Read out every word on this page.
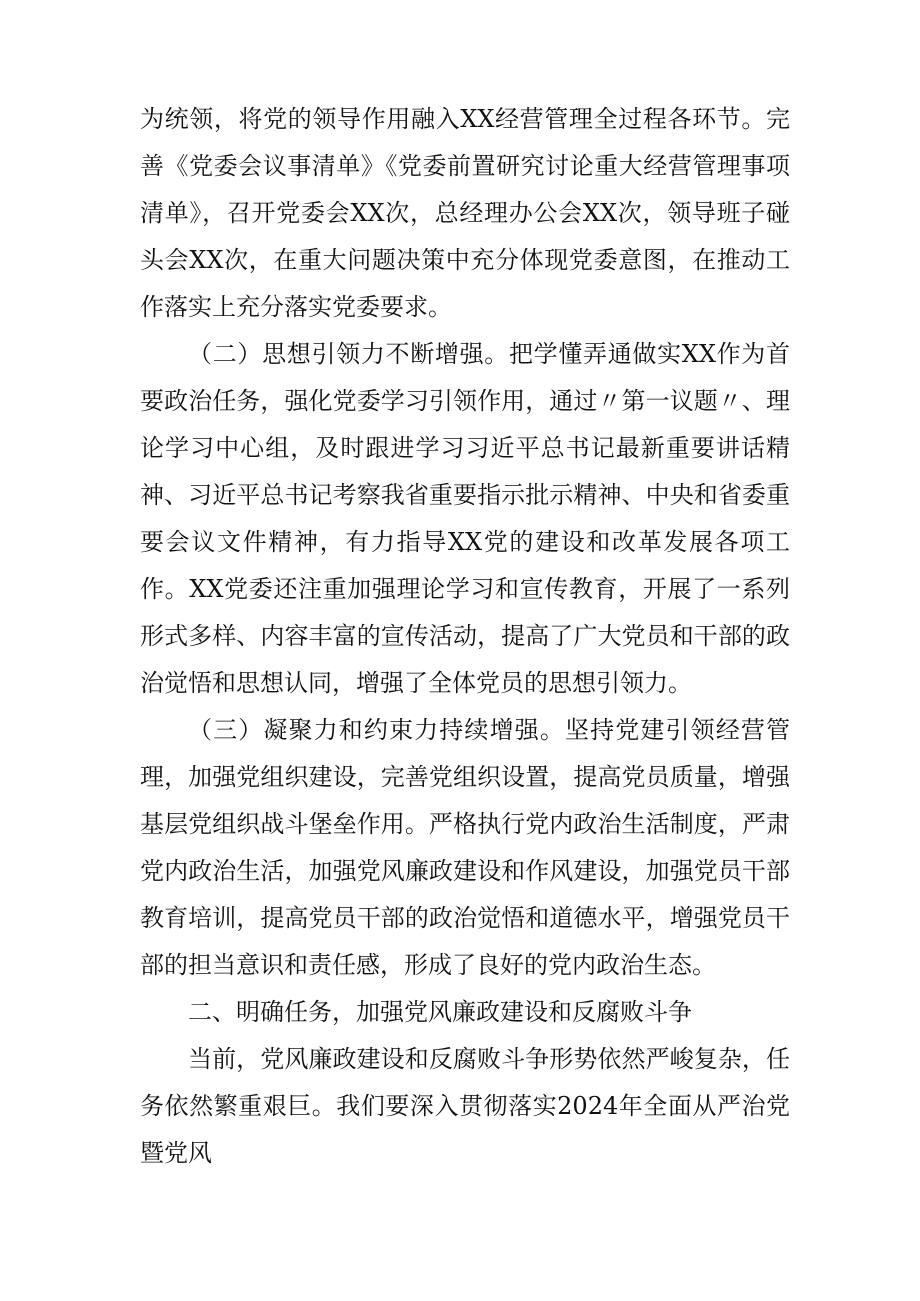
为统领，将党的领导作用融入XX经营管理全过程各环节。完善《党委会议事清单》《党委前置研究讨论重大经营管理事项清单》，召开党委会XX次，总经理办公会XX次，领导班子碰头会XX次，在重大问题决策中充分体现党委意图，在推动工作落实上充分落实党委要求。

（二）思想引领力不断增强。把学懂弄通做实XX作为首要政治任务，强化党委学习引领作用，通过〃第一议题〃、理论学习中心组，及时跟进学习习近平总书记最新重要讲话精神、习近平总书记考察我省重要指示批示精神、中央和省委重要会议文件精神，有力指导XX党的建设和改革发展各项工作。XX党委还注重加强理论学习和宣传教育，开展了一系列形式多样、内容丰富的宣传活动，提高了广大党员和干部的政治觉悟和思想认同，增强了全体党员的思想引领力。

（三）凝聚力和约束力持续增强。坚持党建引领经营管理，加强党组织建设，完善党组织设置，提高党员质量，增强基层党组织战斗堡垒作用。严格执行党内政治生活制度，严肃党内政治生活，加强党风廉政建设和作风建设，加强党员干部教育培训，提高党员干部的政治觉悟和道德水平，增强党员干部的担当意识和责任感，形成了良好的党内政治生态。

二、明确任务，加强党风廉政建设和反腐败斗争

当前，党风廉政建设和反腐败斗争形势依然严峻复杂，任务依然繁重艰巨。我们要深入贯彻落实2024年全面从严治党暨党风
